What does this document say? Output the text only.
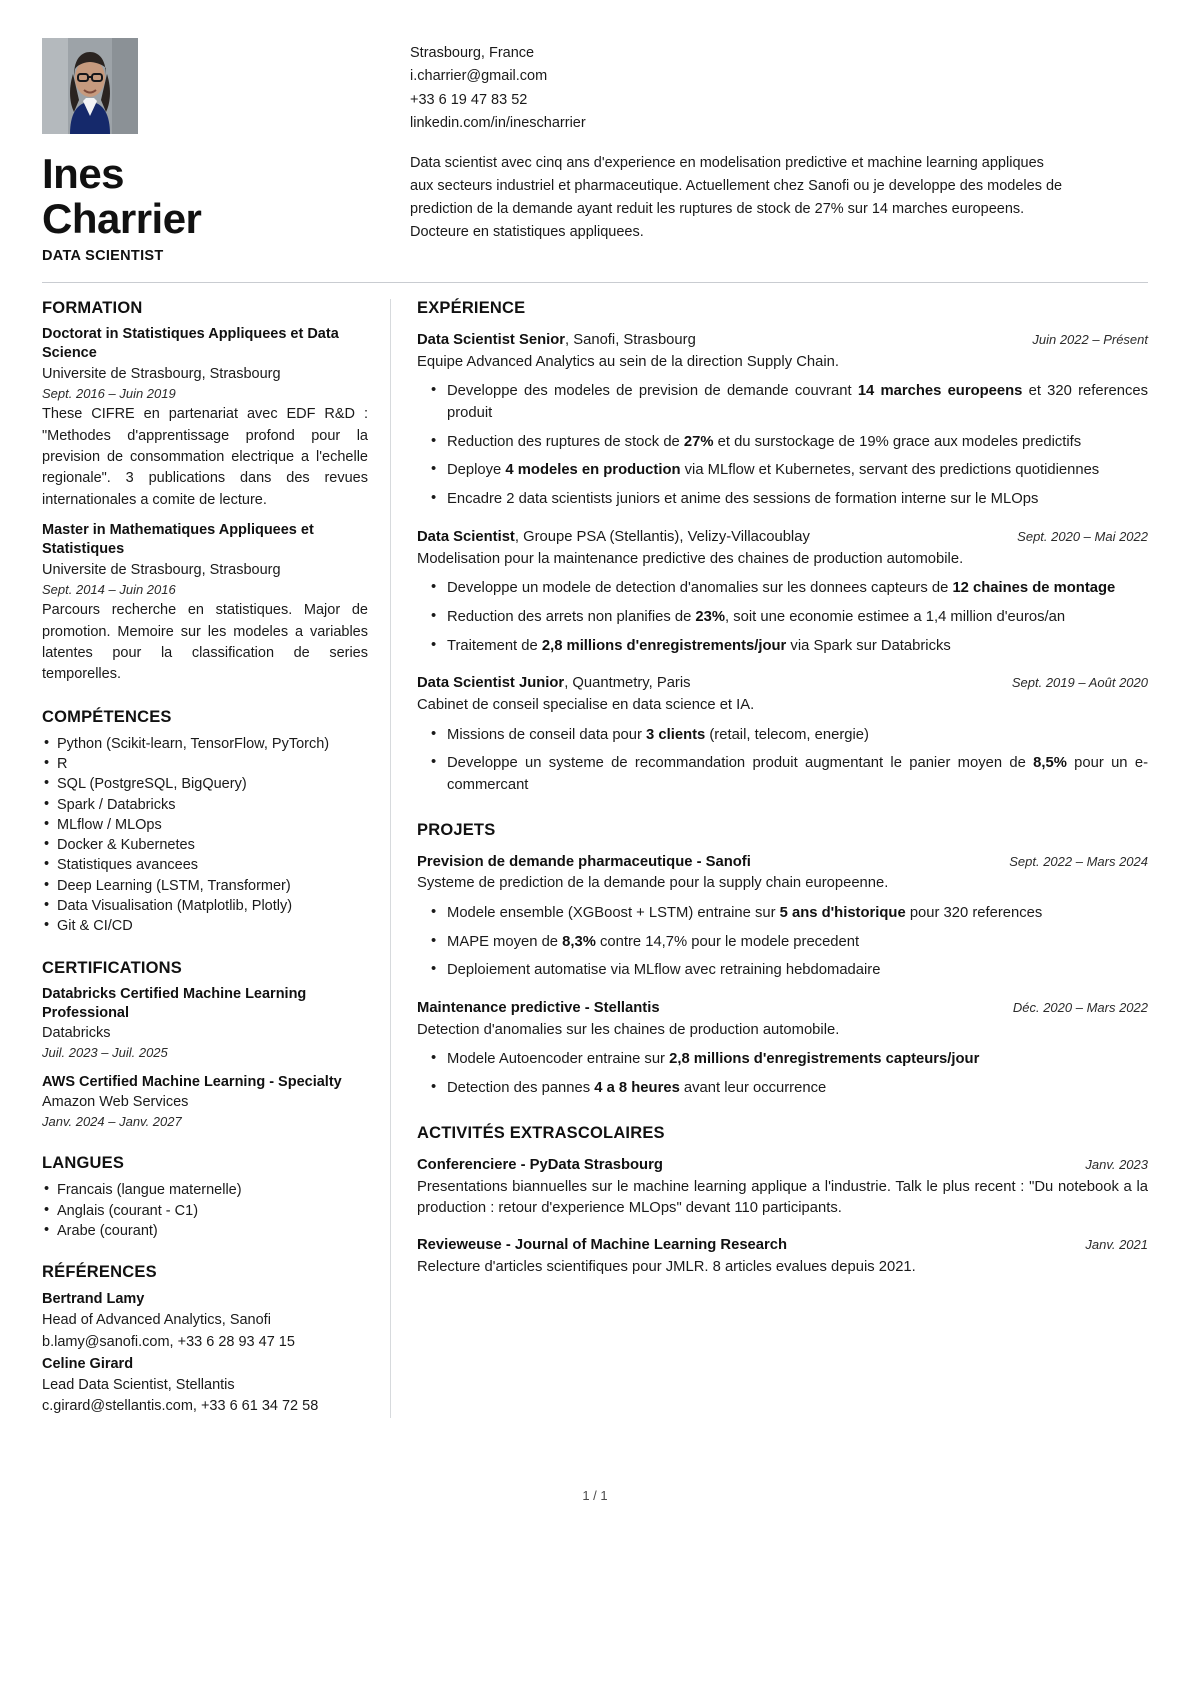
Ines
Charrier
DATA SCIENTIST
Strasbourg, France
i.charrier@gmail.com
+33 6 19 47 83 52
linkedin.com/in/inescharrier
Data scientist avec cinq ans d'experience en modelisation predictive et machine learning appliques aux secteurs industriel et pharmaceutique. Actuellement chez Sanofi ou je developpe des modeles de prediction de la demande ayant reduit les ruptures de stock de 27% sur 14 marches europeens. Docteure en statistiques appliquees.
FORMATION
Doctorat in Statistiques Appliquees et Data Science
Universite de Strasbourg, Strasbourg
Sept. 2016 – Juin 2019
These CIFRE en partenariat avec EDF R&D : "Methodes d'apprentissage profond pour la prevision de consommation electrique a l'echelle regionale". 3 publications dans des revues internationales a comite de lecture.
Master in Mathematiques Appliquees et Statistiques
Universite de Strasbourg, Strasbourg
Sept. 2014 – Juin 2016
Parcours recherche en statistiques. Major de promotion. Memoire sur les modeles a variables latentes pour la classification de series temporelles.
COMPÉTENCES
• Python (Scikit-learn, TensorFlow, PyTorch)
• R
• SQL (PostgreSQL, BigQuery)
• Spark / Databricks
• MLflow / MLOps
• Docker & Kubernetes
• Statistiques avancees
• Deep Learning (LSTM, Transformer)
• Data Visualisation (Matplotlib, Plotly)
• Git & CI/CD
CERTIFICATIONS
Databricks Certified Machine Learning Professional
Databricks
Juil. 2023 – Juil. 2025
AWS Certified Machine Learning - Specialty
Amazon Web Services
Janv. 2024 – Janv. 2027
LANGUES
• Francais (langue maternelle)
• Anglais (courant - C1)
• Arabe (courant)
RÉFÉRENCES
Bertrand Lamy
Head of Advanced Analytics, Sanofi
b.lamy@sanofi.com, +33 6 28 93 47 15
Celine Girard
Lead Data Scientist, Stellantis
c.girard@stellantis.com, +33 6 61 34 72 58
EXPÉRIENCE
Data Scientist Senior, Sanofi, Strasbourg	Juin 2022 – Présent
Equipe Advanced Analytics au sein de la direction Supply Chain.
• Developpe des modeles de prevision de demande couvrant 14 marches europeens et 320 references produit
• Reduction des ruptures de stock de 27% et du surstockage de 19% grace aux modeles predictifs
• Deploye 4 modeles en production via MLflow et Kubernetes, servant des predictions quotidiennes
• Encadre 2 data scientists juniors et anime des sessions de formation interne sur le MLOps
Data Scientist, Groupe PSA (Stellantis), Velizy-Villacoublay	Sept. 2020 – Mai 2022
Modelisation pour la maintenance predictive des chaines de production automobile.
• Developpe un modele de detection d'anomalies sur les donnees capteurs de 12 chaines de montage
• Reduction des arrets non planifies de 23%, soit une economie estimee a 1,4 million d'euros/an
• Traitement de 2,8 millions d'enregistrements/jour via Spark sur Databricks
Data Scientist Junior, Quantmetry, Paris	Sept. 2019 – Août 2020
Cabinet de conseil specialise en data science et IA.
• Missions de conseil data pour 3 clients (retail, telecom, energie)
• Developpe un systeme de recommandation produit augmentant le panier moyen de 8,5% pour un e-commercant
PROJETS
Prevision de demande pharmaceutique - Sanofi	Sept. 2022 – Mars 2024
Systeme de prediction de la demande pour la supply chain europeenne.
• Modele ensemble (XGBoost + LSTM) entraine sur 5 ans d'historique pour 320 references
• MAPE moyen de 8,3% contre 14,7% pour le modele precedent
• Deploiement automatise via MLflow avec retraining hebdomadaire
Maintenance predictive - Stellantis	Déc. 2020 – Mars 2022
Detection d'anomalies sur les chaines de production automobile.
• Modele Autoencoder entraine sur 2,8 millions d'enregistrements capteurs/jour
• Detection des pannes 4 a 8 heures avant leur occurrence
ACTIVITÉS EXTRASCOLAIRES
Conferenciere - PyData Strasbourg	Janv. 2023
Presentations biannuelles sur le machine learning applique a l'industrie. Talk le plus recent : "Du notebook a la production : retour d'experience MLOps" devant 110 participants.
Revieweuse - Journal of Machine Learning Research	Janv. 2021
Relecture d'articles scientifiques pour JMLR. 8 articles evalues depuis 2021.
1 / 1
